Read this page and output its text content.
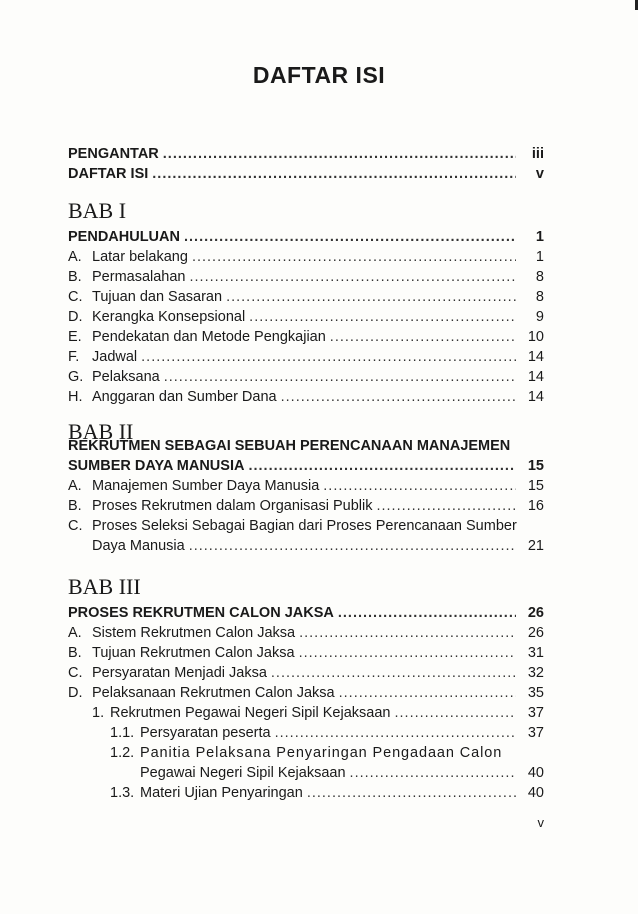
DAFTAR ISI
PENGANTAR .....	iii
DAFTAR ISI .....	v
BAB I
PENDAHULUAN .....	1
A. Latar belakang .....	1
B. Permasalahan .....	8
C. Tujuan dan Sasaran .....	8
D. Kerangka Konsepsional .....	9
E. Pendekatan dan Metode Pengkajian .....	10
F. Jadwal .....	14
G. Pelaksana .....	14
H. Anggaran dan Sumber Dana .....	14
BAB II
REKRUTMEN SEBAGAI SEBUAH PERENCANAAN MANAJEMEN
SUMBER DAYA MANUSIA .....	15
A. Manajemen Sumber Daya Manusia .....	15
B. Proses Rekrutmen dalam Organisasi Publik .....	16
C. Proses Seleksi Sebagai Bagian dari Proses Perencanaan Sumber
Daya Manusia .....	21
BAB III
PROSES REKRUTMEN CALON JAKSA .....	26
A. Sistem Rekrutmen Calon Jaksa .....	26
B. Tujuan Rekrutmen Calon Jaksa .....	31
C. Persyaratan Menjadi Jaksa .....	32
D. Pelaksanaan Rekrutmen Calon Jaksa .....	35
1. Rekrutmen Pegawai Negeri Sipil Kejaksaan .....	37
1.1. Persyaratan peserta .....	37
1.2. Panitia Pelaksana Penyaringan Pengadaan Calon
Pegawai Negeri Sipil Kejaksaan .....	40
1.3. Materi Ujian Penyaringan .....	40
v
